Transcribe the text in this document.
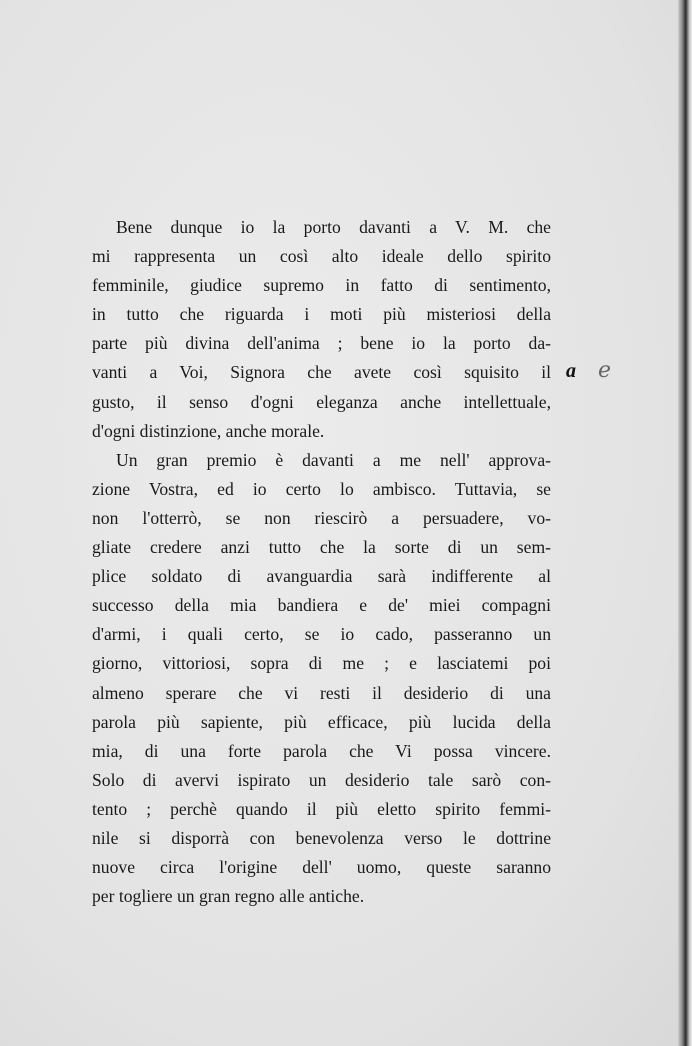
Bene dunque io la porto davanti a V. M. che
mi rappresenta un così alto ideale dello spirito
femminile, giudice supremo in fatto di sentimento,
in tutto che riguarda i moti più misteriosi della
parte più divina dell'anima ; bene io la porto da-
vanti a Voi, Signora che avete così squisito il
gusto, il senso d'ogni eleganza anche intellettuale,
d'ogni distinzione, anche morale.
Un gran premio è davanti a me nell' approva-
zione Vostra, ed io certo lo ambisco. Tuttavia, se
non l'otterrò, se non riescirò a persuadere, vo-
gliate credere anzi tutto che la sorte di un sem-
plice soldato di avanguardia sarà indifferente al
successo della mia bandiera e de' miei compagni
d'armi, i quali certo, se io cado, passeranno un
giorno, vittoriosi, sopra di me ; e lasciatemi poi
almeno sperare che vi resti il desiderio di una
parola più sapiente, più efficace, più lucida della
mia, di una forte parola che Vi possa vincere.
Solo di avervi ispirato un desiderio tale sarò con-
tento ; perchè quando il più eletto spirito femmi-
nile si disporrà con benevolenza verso le dottrine
nuove circa l'origine dell' uomo, queste saranno
per togliere un gran regno alle antiche.
a e
